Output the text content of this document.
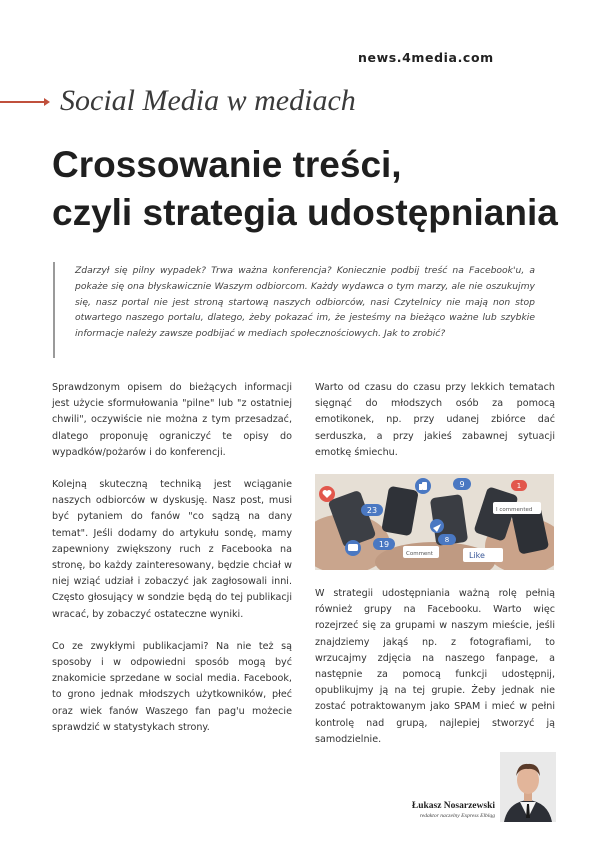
news.4media.com
Social Media w mediach
Crossowanie treści,
czyli strategia udostępniania

Zdarzył się pilny wypadek? Trwa ważna konferencja? Koniecznie podbij treść na Facebook'u, a pokaże się ona błyskawicznie Waszym odbiorcom. Każdy wydawca o tym marzy, ale nie oszukujmy się, nasz portal nie jest stroną startową naszych odbiorców, nasi Czytelnicy nie mają non stop otwartego naszego portalu, dlatego, żeby pokazać im, że jesteśmy na bieżąco ważne lub szybkie informacje należy zawsze podbijać w mediach społecznościowych. Jak to zrobić?

Sprawdzonym opisem do bieżących informacji jest użycie sformułowania "pilne" lub "z ostatniej chwili", oczywiście nie można z tym przesadzać, dlatego proponuję ograniczyć te opisy do wypadków/pożarów i do konferencji.

Kolejną skuteczną techniką jest wciąganie naszych odbiorców w dyskusję. Nasz post, musi być pytaniem do fanów "co sądzą na dany temat". Jeśli dodamy do artykułu sondę, mamy zapewniony zwiększony ruch z Facebooka na stronę, bo każdy zainteresowany, będzie chciał w niej wziąć udział i zobaczyć jak zagłosowali inni. Często głosujący w sondzie będą do tej publikacji wracać, by zobaczyć ostateczne wyniki.

Co ze zwykłymi publikacjami? Na nie też są sposoby i w odpowiedni sposób mogą być znakomicie sprzedane w social media. Facebook, to grono jednak młodszych użytkowników, płeć oraz wiek fanów Waszego fan pag'u możecie sprawdzić w statystykach strony.

Warto od czasu do czasu przy lekkich tematach sięgnąć do młodszych osób za pomocą emotikonek, np. przy udanej zbiórce dać serduszka, a przy jakieś zabawnej sytuacji emotkę śmiechu.

23
9
19	8
1
Like
Comment
I commented

W strategii udostępniania ważną rolę pełnią również grupy na Facebooku. Warto więc rozejrzeć się za grupami w naszym mieście, jeśli znajdziemy jakąś np. z fotografiami, to wrzucajmy zdjęcia na naszego fanpage, a następnie za pomocą funkcji udostępnij, opublikujmy ją na tej grupie. Żeby jednak nie zostać potraktowanym jako SPAM i mieć w pełni kontrolę nad grupą, najlepiej stworzyć ją samodzielnie.

Łukasz Nosarzewski
redaktor naczelny Express Elbląg
